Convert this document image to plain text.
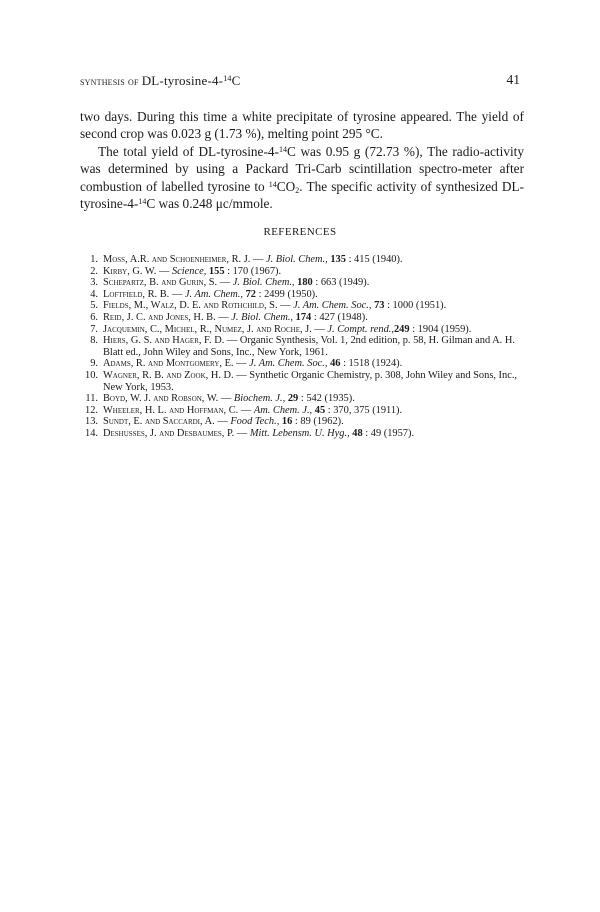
synthesis of DL-tyrosine-4-$^{14}$C	41

two days. During this time a white precipitate of tyrosine appeared. The yield of second crop was 0.023 g (1.73 %), melting point 295 °C.

The total yield of DL-tyrosine-4-$^{14}$C was 0.95 g (72.73 %), The radio-activity was determined by using a Packard Tri-Carb scintillation spectro-meter after combustion of labelled tyrosine to $^{14}CO_2$. The specific activity of synthesized DL-tyrosine-4-$^{14}$C was 0.248 μc/mmole.

REFERENCES
1. Moss, A.R. and Schoenheimer, R. J. — J. Biol. Chem., 135 : 415 (1940).
2. Kirby, G. W. — Science, 155 : 170 (1967).
3. Schepartz, B. and Gurin, S. — J. Biol. Chem., 180 : 663 (1949).
4. Loftfield, R. B. — J. Am. Chem., 72 : 2499 (1950).
5. Fields, M., Walz, D. E. and Rothchild, S. — J. Am. Chem. Soc., 73 : 1000 (1951).
6. Reid, J. C. and Jones, H. B. — J. Biol. Chem., 174 : 427 (1948).
7. Jacquemin, C., Michel, R., Numez, J. and Roche, J. — J. Compt. rend.,249 : 1904 (1959).
8. Hiers, G. S. and Hager, F. D. — Organic Synthesis, Vol. 1, 2nd edition, p. 58, H. Gilman and A. H. Blatt ed., John Wiley and Sons, Inc., New York, 1961.
9. Adams, R. and Montgomery, E. — J. Am. Chem. Soc., 46 : 1518 (1924).
10. Wagner, R. B. and Zook, H. D. — Synthetic Organic Chemistry, p. 308, John Wiley and Sons, Inc., New York, 1953.
11. Boyd, W. J. and Robson, W. — Biochem. J., 29 : 542 (1935).
12. Wheeler, H. L. and Hoffman, C. — Am. Chem. J., 45 : 370, 375 (1911).
13. Sundt, E. and Saccardi, A. — Food Tech., 16 : 89 (1962).
14. Deshusses, J. and Desbaumes, P. — Mitt. Lebensm. U. Hyg., 48 : 49 (1957).
